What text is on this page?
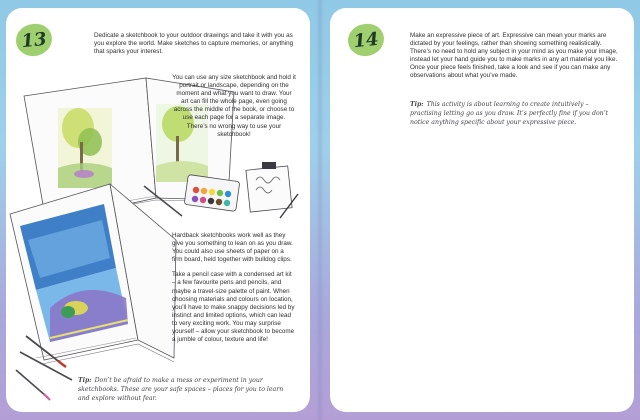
13	Dedicate a sketchbook to your outdoor drawings and take it with you as you explore the world. Make sketches to capture memories, or anything that sparks your interest.

You can use any size sketchbook and hold it portrait or landscape, depending on the moment and what you want to draw. Your art can fill the whole page, even going across the middle of the book, or choose to use each page for a separate image. There’s no wrong way to use your sketchbook!

Hardback sketchbooks work well as they give you something to lean on as you draw. You could also use sheets of paper on a firm board, held together with bulldog clips.

Take a pencil case with a condensed art kit – a few favourite pens and pencils, and maybe a travel-size palette of paint. When choosing materials and colours on location, you’ll have to make snappy decisions led by instinct and limited options, which can lead to very exciting work. You may surprise yourself – allow your sketchbook to become a jumble of colour, texture and life!

Tip: Don’t be afraid to make a mess or experiment in your sketchbooks. These are your safe spaces – places for you to learn and explore without fear.

14	Make an expressive piece of art. Expressive can mean your marks are dictated by your feelings, rather than showing something realistically. There’s no need to hold any subject in your mind as you make your image, instead let your hand guide you to make marks in any art material you like. Once your piece feels finished, take a look and see if you can make any observations about what you’ve made.

Tip: This activity is about learning to create intuitively – practising letting go as you draw. It’s perfectly fine if you don’t notice anything specific about your expressive piece.
